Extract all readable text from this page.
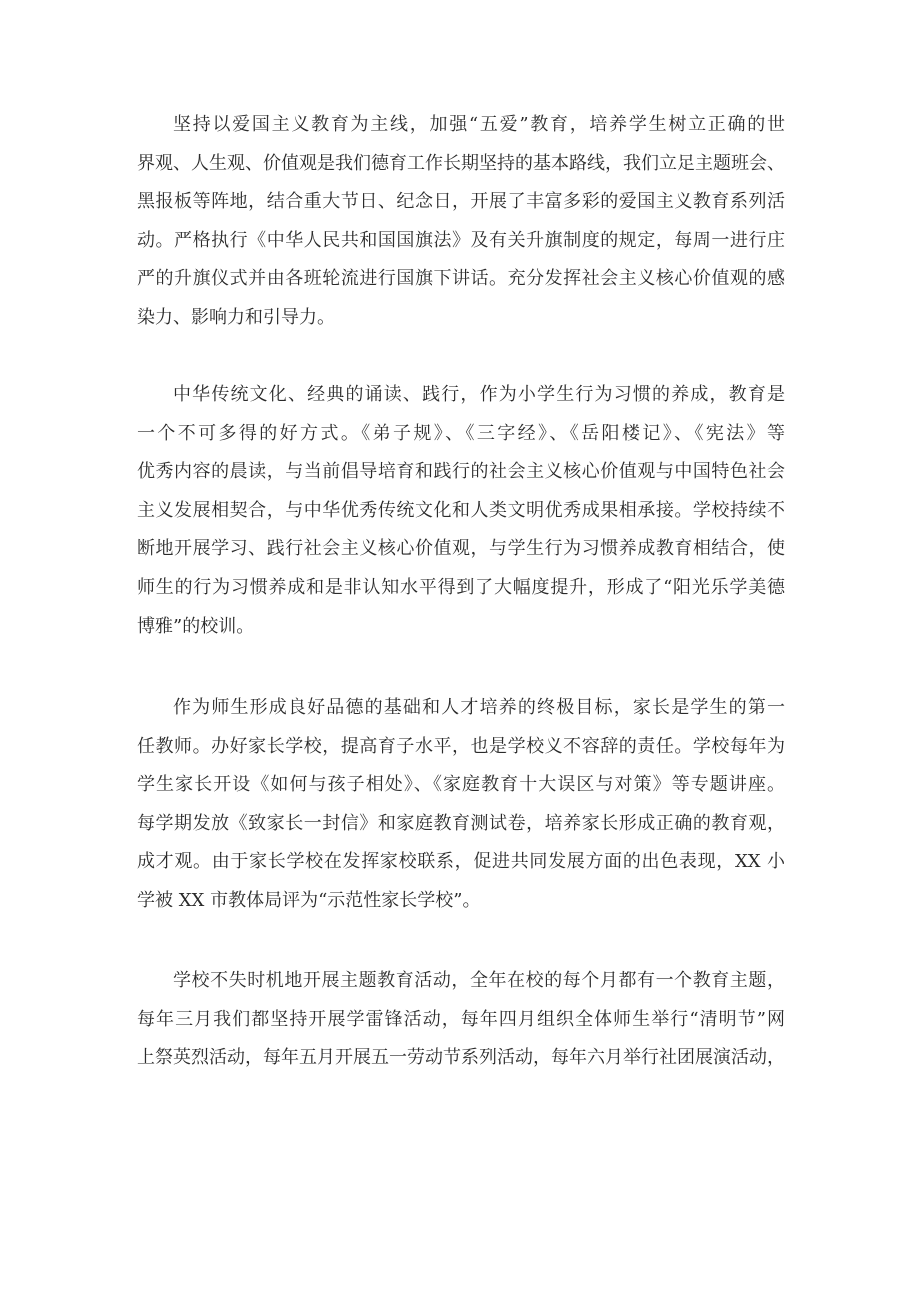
坚持以爱国主义教育为主线，加强“五爱”教育，培养学生树立正确的世
界观、人生观、价值观是我们德育工作长期坚持的基本路线，我们立足主题班会、
黑报板等阵地，结合重大节日、纪念日，开展了丰富多彩的爱国主义教育系列活
动。严格执行《中华人民共和国国旗法》及有关升旗制度的规定，每周一进行庄
严的升旗仪式并由各班轮流进行国旗下讲话。充分发挥社会主义核心价值观的感
染力、影响力和引导力。
中华传统文化、经典的诵读、践行，作为小学生行为习惯的养成，教育是
一个不可多得的好方式。《弟子规》、《三字经》、《岳阳楼记》、《宪法》等
优秀内容的晨读，与当前倡导培育和践行的社会主义核心价值观与中国特色社会
主义发展相契合，与中华优秀传统文化和人类文明优秀成果相承接。学校持续不
断地开展学习、践行社会主义核心价值观，与学生行为习惯养成教育相结合，使
师生的行为习惯养成和是非认知水平得到了大幅度提升，形成了“阳光乐学美德
博雅”的校训。
作为师生形成良好品德的基础和人才培养的终极目标，家长是学生的第一
任教师。办好家长学校，提高育子水平，也是学校义不容辞的责任。学校每年为
学生家长开设《如何与孩子相处》、《家庭教育十大误区与对策》等专题讲座。
每学期发放《致家长一封信》和家庭教育测试卷，培养家长形成正确的教育观，
成才观。由于家长学校在发挥家校联系，促进共同发展方面的出色表现，XX 小
学被 XX 市教体局评为“示范性家长学校”。
学校不失时机地开展主题教育活动，全年在校的每个月都有一个教育主题，
每年三月我们都坚持开展学雷锋活动，每年四月组织全体师生举行“清明节”网
上祭英烈活动，每年五月开展五一劳动节系列活动，每年六月举行社团展演活动，
